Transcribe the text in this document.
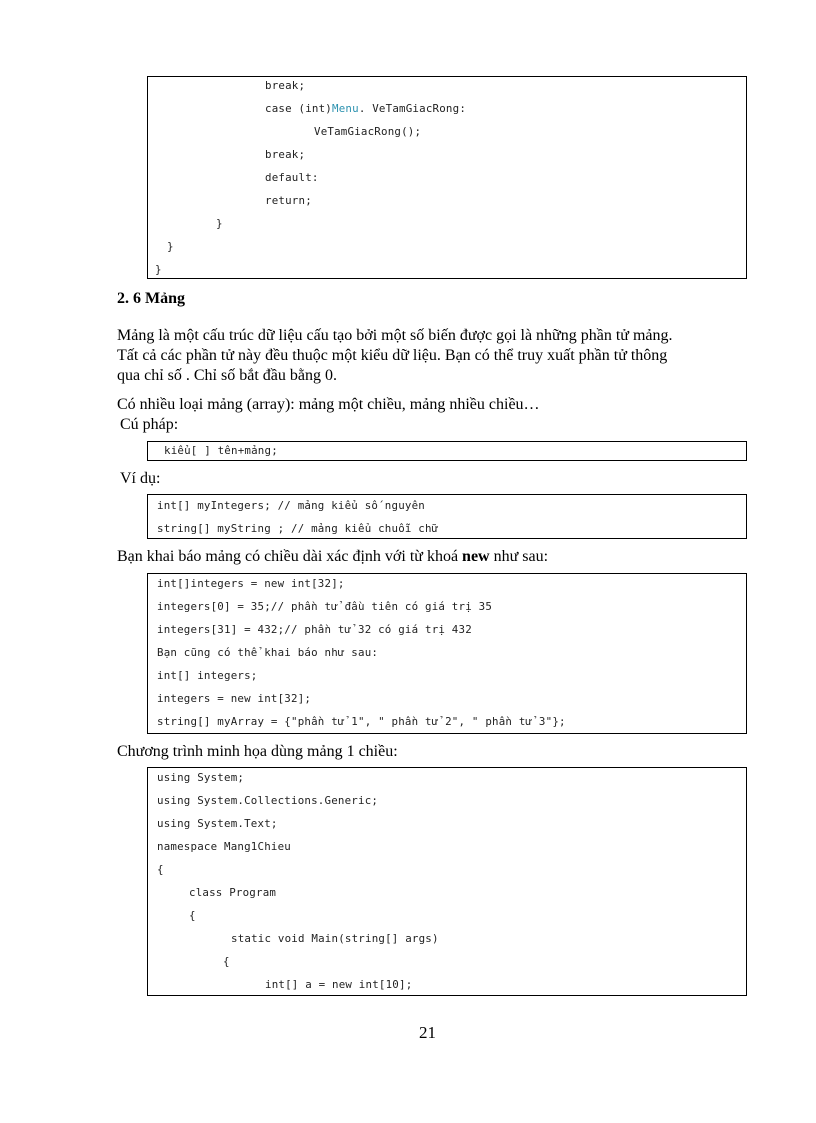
break;
case (int)Menu. VeTamGiacRong:
VeTamGiacRong();
break;
default:
return;
}
}
}
2. 6 Mảng
Mảng là một cấu trúc dữ liệu cấu tạo bởi một số biến được gọi là những phần tử mảng.
Tất cả các phần tử này đều thuộc một kiểu dữ liệu. Bạn có thể truy xuất phần tử thông
qua chỉ số . Chỉ số bắt đầu bằng 0.
Có nhiều loại mảng (array): mảng một chiều, mảng nhiều chiều…
Cú pháp:
kiểu[ ] tên+mảng;
Ví dụ:
int[] myIntegers; // mảng kiểu số nguyên
string[] myString ; // mảng kiểu chuỗi chữ
Bạn khai báo mảng có chiều dài xác định với từ khoá new như sau:
int[]integers = new int[32];
integers[0] = 35;// phần tử đầu tiên có giá trị 35
integers[31] = 432;// phần tử 32 có giá trị 432
Bạn cũng có thể khai báo như sau:
int[] integers;
integers = new int[32];
string[] myArray = {"phần tử 1", " phần tử 2", " phần tử 3"};
Chương trình minh họa dùng mảng 1 chiều:
using System;
using System.Collections.Generic;
using System.Text;
namespace Mang1Chieu
{
class Program
{
static void Main(string[] args)
{
int[] a = new int[10];
21
